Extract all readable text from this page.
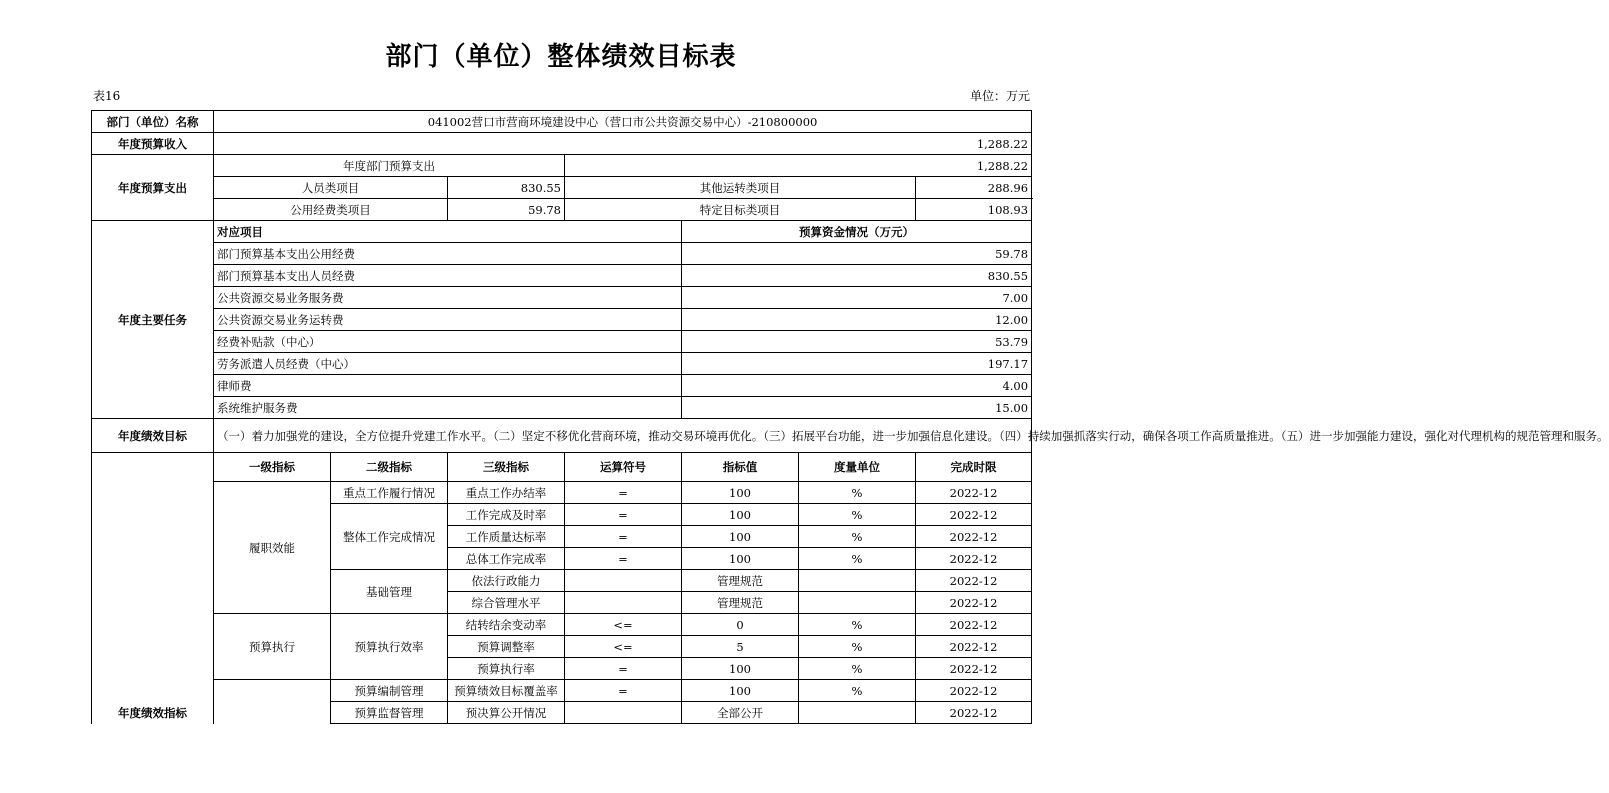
部门（单位）整体绩效目标表
表16	单位：万元
部门（单位）名称	041002营口市营商环境建设中心（营口市公共资源交易中心）-210800000						
年度预算收入	1,288.22						
年度预算支出	年度部门预算支出			1,288.22			
	人员类项目		830.55	其他运转类项目			288.96
	公用经费类项目		59.78	特定目标类项目			108.93
年度主要任务	对应项目				预算资金情况（万元）		
	部门预算基本支出公用经费				59.78		
	部门预算基本支出人员经费				830.55		
	公共资源交易业务服务费				7.00		
	公共资源交易业务运转费				12.00		
	经费补贴款（中心）				53.79		
	劳务派遣人员经费（中心）				197.17		
	律师费				4.00		
	系统维护服务费				15.00		
年度绩效目标	（一）着力加强党的建设，全方位提升党建工作水平。（二）坚定不移优化营商环境，推动交易环境再优化。（三）拓展平台功能，进一步加强信息化建设。（四）持续加强抓落实行动，确保各项工作高质量推进。（五）进一步加强能力建设，强化对代理机构的规范管理和服务。						
年度绩效指标	一级指标	二级指标	三级指标	运算符号	指标值	度量单位	完成时限
	履职效能	重点工作履行情况	重点工作办结率	=	100	%	2022-12
		整体工作完成情况	工作完成及时率	=	100	%	2022-12
			工作质量达标率	=	100	%	2022-12
			总体工作完成率	=	100	%	2022-12
		基础管理	依法行政能力		管理规范		2022-12
			综合管理水平		管理规范		2022-12
	预算执行	预算执行效率	结转结余变动率	<=	0	%	2022-12
			预算调整率	<=	5	%	2022-12
			预算执行率	=	100	%	2022-12
		预算编制管理	预算绩效目标覆盖率	=	100	%	2022-12
		预算监督管理	预决算公开情况		全部公开		2022-12
